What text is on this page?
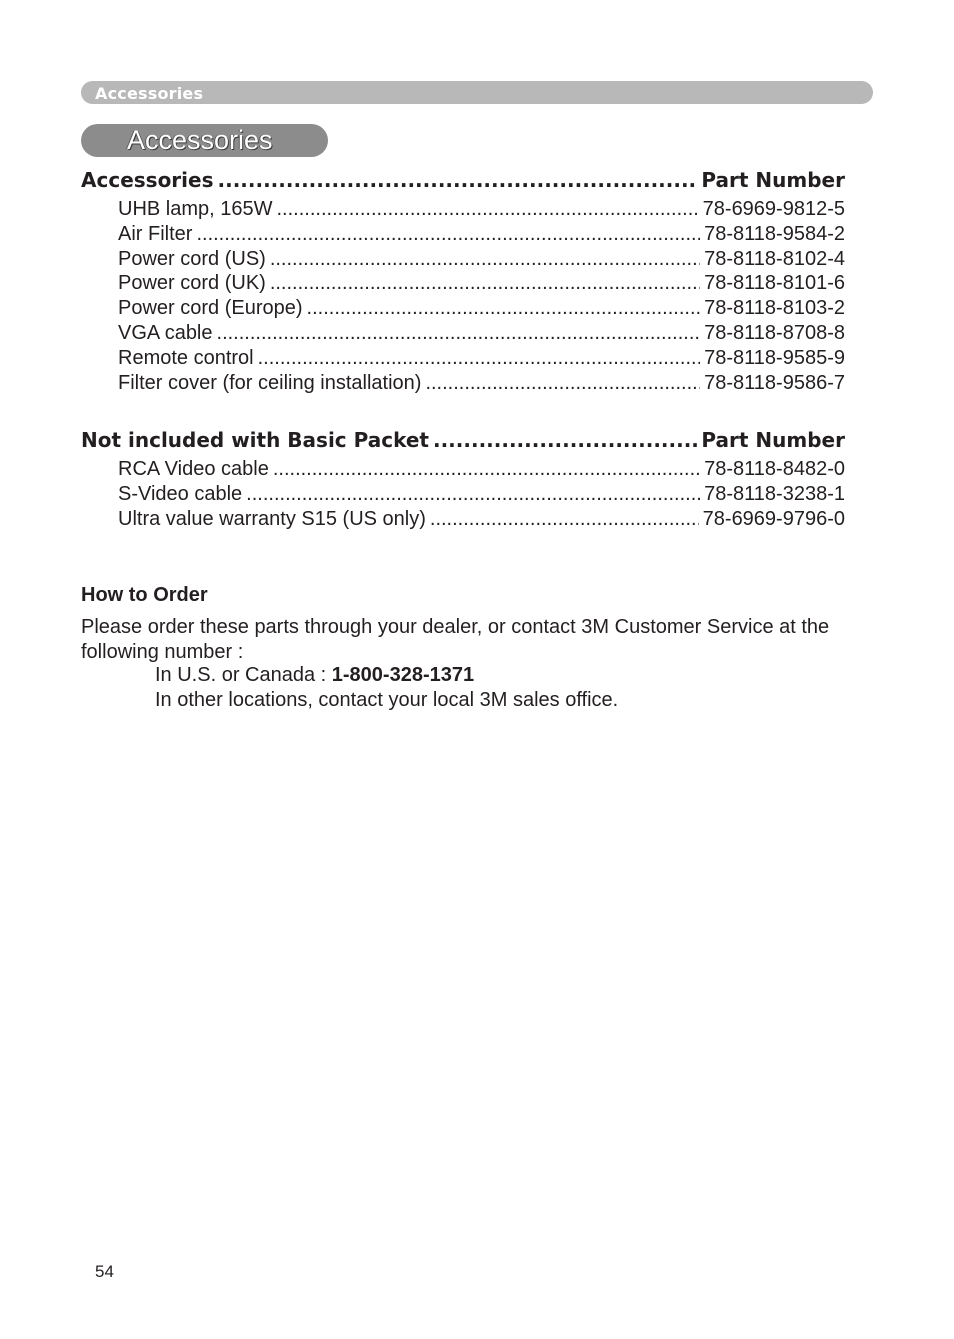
Accessories
Accessories
Accessories .....	Part Number
UHB lamp, 165W .....	78-6969-9812-5
Air Filter .....	78-8118-9584-2
Power cord (US) .....	78-8118-8102-4
Power cord (UK) .....	78-8118-8101-6
Power cord (Europe) .....	78-8118-8103-2
VGA cable .....	78-8118-8708-8
Remote control .....	78-8118-9585-9
Filter cover (for ceiling installation) .....	78-8118-9586-7
Not included with Basic Packet .....	Part Number
RCA Video cable .....	78-8118-8482-0
S-Video cable .....	78-8118-3238-1
Ultra value warranty S15 (US only) .....	78-6969-9796-0
How to Order
Please order these parts through your dealer, or contact 3M Customer Service at the following number :
In U.S. or Canada : 1-800-328-1371
In other locations, contact your local 3M sales office.
54
